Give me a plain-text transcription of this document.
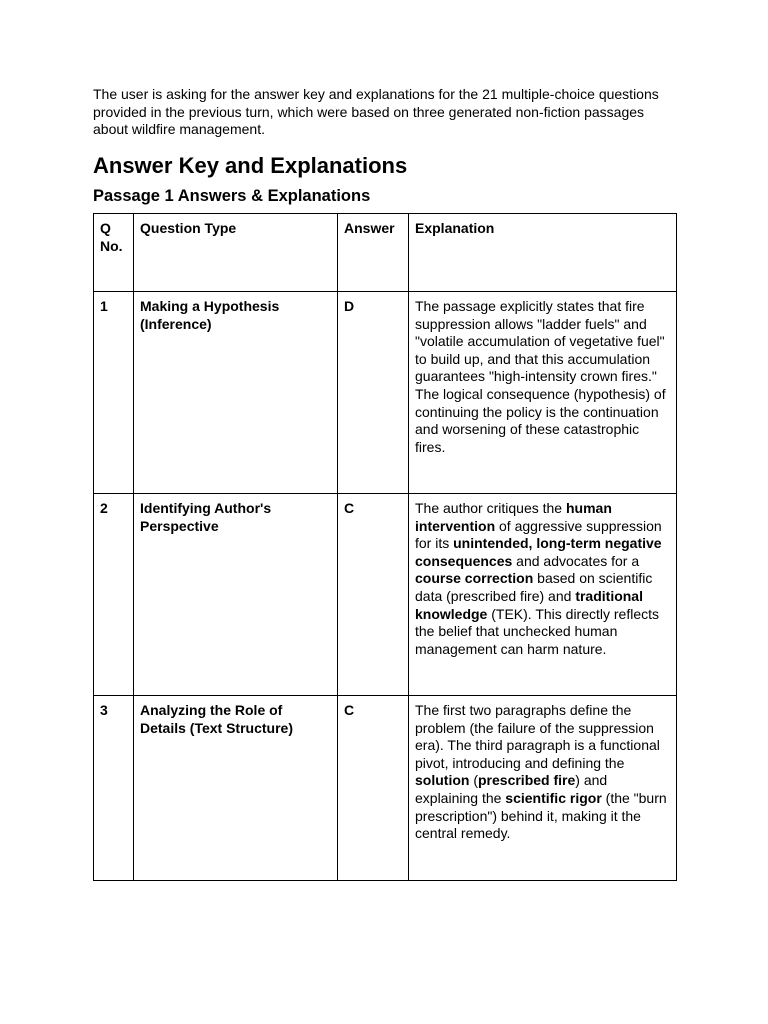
The user is asking for the answer key and explanations for the 21 multiple-choice questions provided in the previous turn, which were based on three generated non-fiction passages about wildfire management.

Answer Key and Explanations
Passage 1 Answers & Explanations
Q No.	Question Type	Answer	Explanation
1	Making a Hypothesis (Inference)	D	The passage explicitly states that fire suppression allows "ladder fuels" and "volatile accumulation of vegetative fuel" to build up, and that this accumulation guarantees "high-intensity crown fires." The logical consequence (hypothesis) of continuing the policy is the continuation and worsening of these catastrophic fires.
2	Identifying Author's Perspective	C	The author critiques the human intervention of aggressive suppression for its unintended, long-term negative consequences and advocates for a course correction based on scientific data (prescribed fire) and traditional knowledge (TEK). This directly reflects the belief that unchecked human management can harm nature.
3	Analyzing the Role of Details (Text Structure)	C	The first two paragraphs define the problem (the failure of the suppression era). The third paragraph is a functional pivot, introducing and defining the solution (prescribed fire) and explaining the scientific rigor (the "burn prescription") behind it, making it the central remedy.
